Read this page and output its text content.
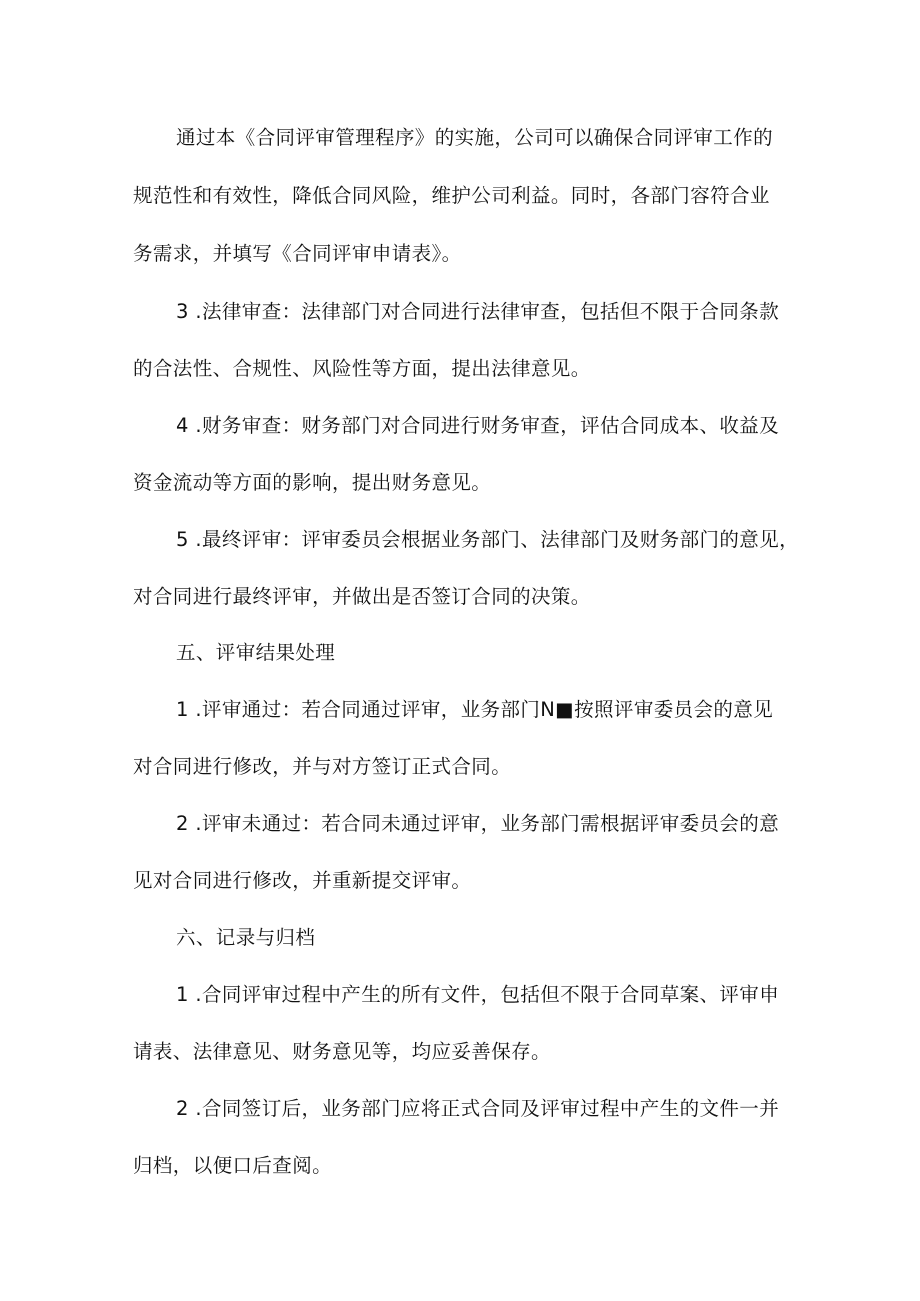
通过本《合同评审管理程序》的实施，公司可以确保合同评审工作的
规范性和有效性，降低合同风险，维护公司利益。同时，各部门容符合业
务需求，并填写《合同评审申请表》。
3 .法律审查：法律部门对合同进行法律审查，包括但不限于合同条款
的合法性、合规性、风险性等方面，提出法律意见。
4 .财务审查：财务部门对合同进行财务审查，评估合同成本、收益及
资金流动等方面的影响，提出财务意见。
5 .最终评审：评审委员会根据业务部门、法律部门及财务部门的意见，
对合同进行最终评审，并做出是否签订合同的决策。
五、评审结果处理
1 .评审通过：若合同通过评审，业务部门N■按照评审委员会的意见
对合同进行修改，并与对方签订正式合同。
2 .评审未通过：若合同未通过评审，业务部门需根据评审委员会的意
见对合同进行修改，并重新提交评审。
六、记录与归档
1 .合同评审过程中产生的所有文件，包括但不限于合同草案、评审申
请表、法律意见、财务意见等，均应妥善保存。
2 .合同签订后，业务部门应将正式合同及评审过程中产生的文件一并
归档，以便口后查阅。
